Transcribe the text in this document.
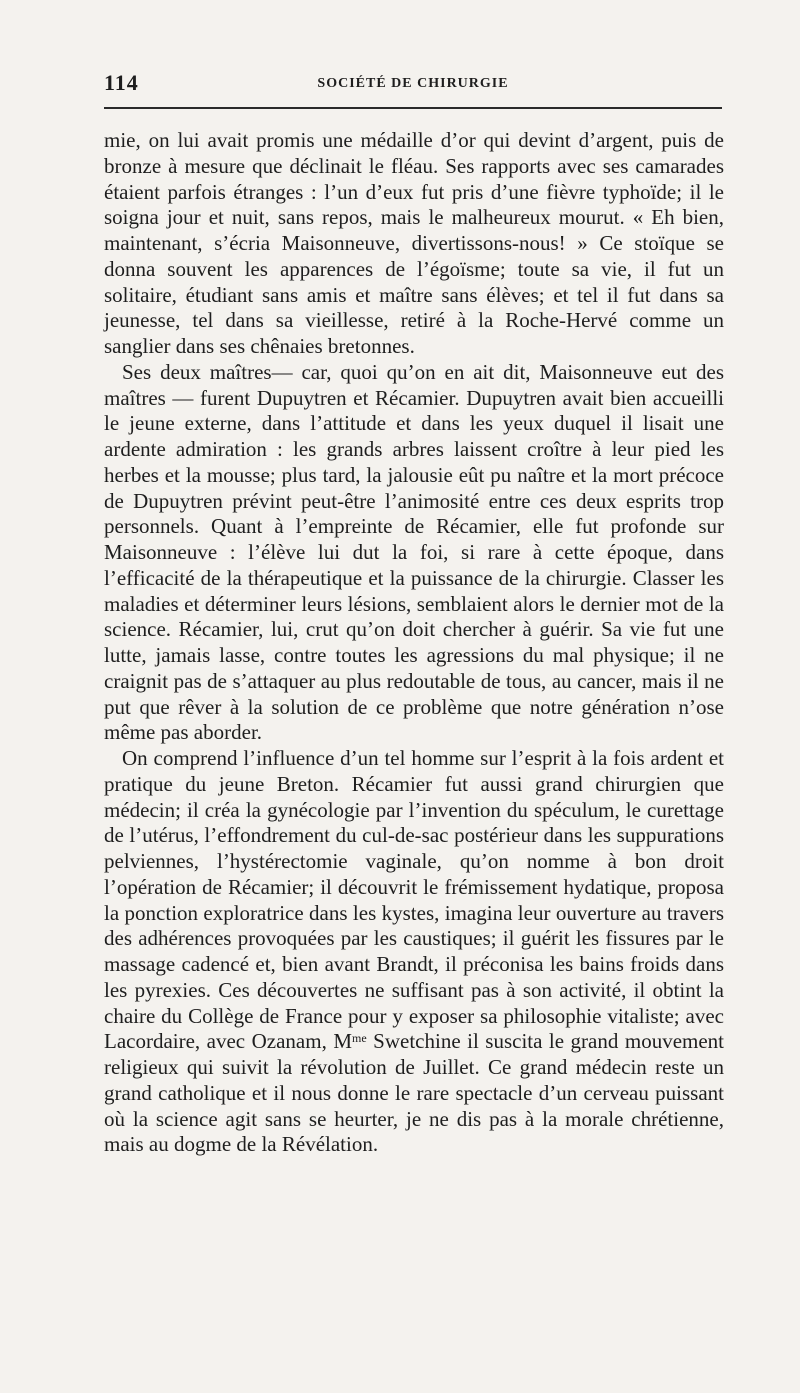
114	SOCIÉTÉ DE CHIRURGIE

mie, on lui avait promis une médaille d’or qui devint d’argent, puis de bronze à mesure que déclinait le fléau. Ses rapports avec ses camarades étaient parfois étranges : l’un d’eux fut pris d’une fièvre typhoïde; il le soigna jour et nuit, sans repos, mais le malheureux mourut. « Eh bien, maintenant, s’écria Maisonneuve, divertissons-nous! » Ce stoïque se donna souvent les apparences de l’égoïsme; toute sa vie, il fut un solitaire, étudiant sans amis et maître sans élèves; et tel il fut dans sa jeunesse, tel dans sa vieillesse, retiré à la Roche-Hervé comme un sanglier dans ses chênaies bretonnes.

Ses deux maîtres— car, quoi qu’on en ait dit, Maisonneuve eut des maîtres — furent Dupuytren et Récamier. Dupuytren avait bien accueilli le jeune externe, dans l’attitude et dans les yeux duquel il lisait une ardente admiration : les grands arbres laissent croître à leur pied les herbes et la mousse; plus tard, la jalousie eût pu naître et la mort précoce de Dupuytren prévint peut-être l’animosité entre ces deux esprits trop personnels. Quant à l’empreinte de Récamier, elle fut profonde sur Maisonneuve : l’élève lui dut la foi, si rare à cette époque, dans l’efficacité de la thérapeutique et la puissance de la chirurgie. Classer les maladies et déterminer leurs lésions, semblaient alors le dernier mot de la science. Récamier, lui, crut qu’on doit chercher à guérir. Sa vie fut une lutte, jamais lasse, contre toutes les agressions du mal physique; il ne craignit pas de s’attaquer au plus redoutable de tous, au cancer, mais il ne put que rêver à la solution de ce problème que notre génération n’ose même pas aborder.

On comprend l’influence d’un tel homme sur l’esprit à la fois ardent et pratique du jeune Breton. Récamier fut aussi grand chirurgien que médecin; il créa la gynécologie par l’invention du spéculum, le curettage de l’utérus, l’effondrement du cul-de-sac postérieur dans les suppurations pelviennes, l’hystérectomie vaginale, qu’on nomme à bon droit l’opération de Récamier; il découvrit le frémissement hydatique, proposa la ponction exploratrice dans les kystes, imagina leur ouverture au travers des adhérences provoquées par les caustiques; il guérit les fissures par le massage cadencé et, bien avant Brandt, il préconisa les bains froids dans les pyrexies. Ces découvertes ne suffisant pas à son activité, il obtint la chaire du Collège de France pour y exposer sa philosophie vitaliste; avec Lacordaire, avec Ozanam, $M^{me}$ Swetchine il suscita le grand mouvement religieux qui suivit la révolution de Juillet. Ce grand médecin reste un grand catholique et il nous donne le rare spectacle d’un cerveau puissant où la science agit sans se heurter, je ne dis pas à la morale chrétienne, mais au dogme de la Révélation.
